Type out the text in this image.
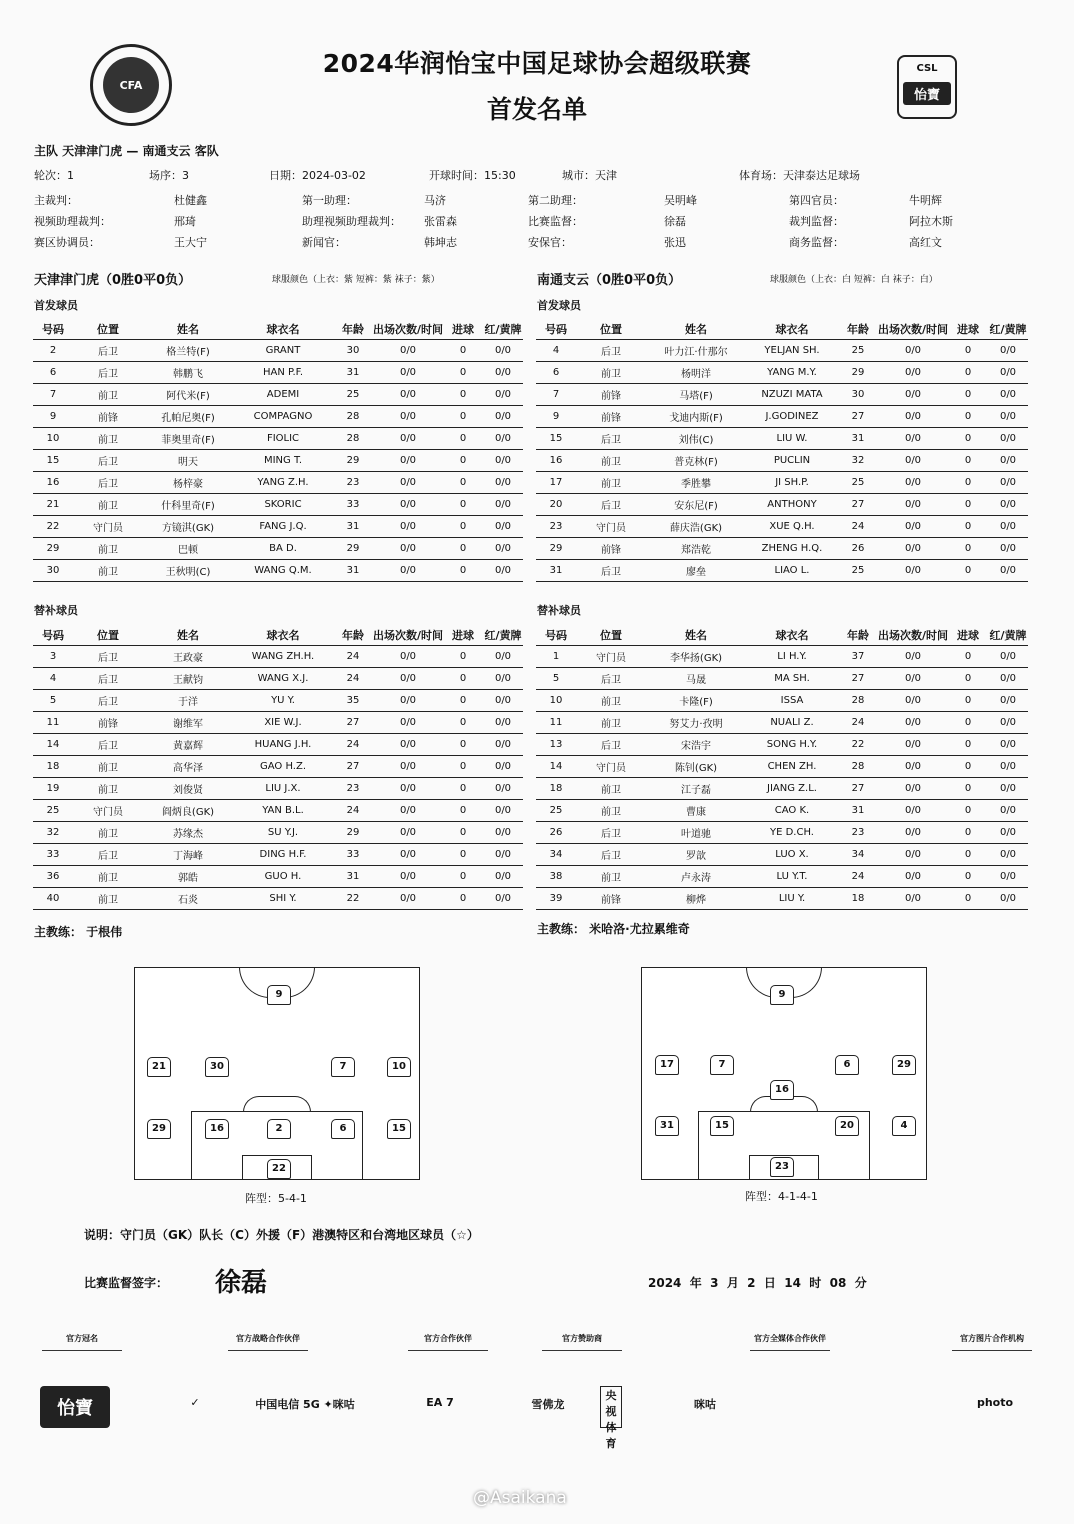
CFA
2024华润怡宝中国足球协会超级联赛
首发名单
CSL
怡寶
主队 天津津门虎 — 南通支云 客队
轮次：1	场序：3	日期：2024-03-02	开球时间：15:30	城市：天津	体育场：天津泰达足球场
主裁判：	杜健鑫	第一助理：	马济	第二助理：	吴明峰	第四官员：	牛明辉
视频助理裁判：	邢琦	助理视频助理裁判： 张雷森	比赛监督：	徐磊	裁判监督：	阿拉木斯
赛区协调员：	王大宁	新闻官：	韩坤志	安保官：	张迅	商务监督：	高红文
天津津门虎（0胜0平0负）	球服颜色（上衣：紫 短裤：紫 袜子：紫）	南通支云（0胜0平0负）	球服颜色（上衣：白 短裤：白 袜子：白）
首发球员	首发球员
号码	位置	姓名	球衣名	年龄	出场次数/时间	进球	红/黄牌
2	后卫	格兰特(F)	GRANT	30	0/0	0	0/0
6	后卫	韩鹏飞	HAN P.F.	31	0/0	0	0/0
7	前卫	阿代米(F)	ADEMI	25	0/0	0	0/0
9	前锋	孔帕尼奥(F)	COMPAGNO	28	0/0	0	0/0
10	前卫	菲奥里奇(F)	FIOLIC	28	0/0	0	0/0
15	后卫	明天	MING T.	29	0/0	0	0/0
16	后卫	杨梓豪	YANG Z.H.	23	0/0	0	0/0
21	前卫	什科里奇(F)	SKORIC	33	0/0	0	0/0
22	守门员	方镜淇(GK)	FANG J.Q.	31	0/0	0	0/0
29	前卫	巴顿	BA D.	29	0/0	0	0/0
30	前卫	王秋明(C)	WANG Q.M.	31	0/0	0	0/0
号码	位置	姓名	球衣名	年龄	出场次数/时间	进球	红/黄牌
4	后卫	叶力江·什那尔	YELJAN SH.	25	0/0	0	0/0
6	前卫	杨明洋	YANG M.Y.	29	0/0	0	0/0
7	前锋	马塔(F)	NZUZI MATA	30	0/0	0	0/0
9	前锋	戈迪内斯(F)	J.GODINEZ	27	0/0	0	0/0
15	后卫	刘伟(C)	LIU W.	31	0/0	0	0/0
16	前卫	普克林(F)	PUCLIN	32	0/0	0	0/0
17	前卫	季胜攀	JI SH.P.	25	0/0	0	0/0
20	后卫	安东尼(F)	ANTHONY	27	0/0	0	0/0
23	守门员	薛庆浩(GK)	XUE Q.H.	24	0/0	0	0/0
29	前锋	郑浩乾	ZHENG H.Q.	26	0/0	0	0/0
31	后卫	廖垒	LIAO L.	25	0/0	0	0/0
替补球员	替补球员
号码	位置	姓名	球衣名	年龄	出场次数/时间	进球	红/黄牌
3	后卫	王政豪	WANG ZH.H.	24	0/0	0	0/0
4	后卫	王献钧	WANG X.J.	24	0/0	0	0/0
5	后卫	于洋	YU Y.	35	0/0	0	0/0
11	前锋	谢维军	XIE W.J.	27	0/0	0	0/0
14	后卫	黄嘉辉	HUANG J.H.	24	0/0	0	0/0
18	前卫	高华泽	GAO H.Z.	27	0/0	0	0/0
19	前卫	刘俊贤	LIU J.X.	23	0/0	0	0/0
25	守门员	阎炳良(GK)	YAN B.L.	24	0/0	0	0/0
32	前卫	苏缘杰	SU Y.J.	29	0/0	0	0/0
33	后卫	丁海峰	DING H.F.	33	0/0	0	0/0
36	前卫	郭皓	GUO H.	31	0/0	0	0/0
40	前卫	石炎	SHI Y.	22	0/0	0	0/0
号码	位置	姓名	球衣名	年龄	出场次数/时间	进球	红/黄牌
1	守门员	李华扬(GK)	LI H.Y.	37	0/0	0	0/0
5	后卫	马晟	MA SH.	27	0/0	0	0/0
10	前卫	卡隆(F)	ISSA	28	0/0	0	0/0
11	前卫	努艾力·孜明	NUALI Z.	24	0/0	0	0/0
13	后卫	宋浩宇	SONG H.Y.	22	0/0	0	0/0
14	守门员	陈钊(GK)	CHEN ZH.	28	0/0	0	0/0
18	前卫	江子磊	JIANG Z.L.	27	0/0	0	0/0
25	前卫	曹康	CAO K.	31	0/0	0	0/0
26	后卫	叶道驰	YE D.CH.	23	0/0	0	0/0
34	后卫	罗歆	LUO X.	34	0/0	0	0/0
38	前卫	卢永涛	LU Y.T.	24	0/0	0	0/0
39	前锋	柳烨	LIU Y.	18	0/0	0	0/0
主教练： 于根伟	主教练： 米哈洛·尤拉累维奇
9
21	30	7	10
29	16	2	6	15
22
阵型：5-4-1
9
17	7	6	29
16
31	15	20	4
23
阵型：4-1-4-1
说明：守门员（GK）队长（C）外援（F）港澳特区和台湾地区球员（☆）
比赛监督签字： 徐磊	2024  年  3  月  2  日  14  时  08  分
官方冠名	官方战略合作伙伴	官方合作伙伴	官方赞助商	官方全媒体合作伙伴	官方图片合作机构
怡寶	✓	中国电信 5G ✦咪咕	EA 7	雪佛龙
央视体育
咪咕	photo
@Asaikana
